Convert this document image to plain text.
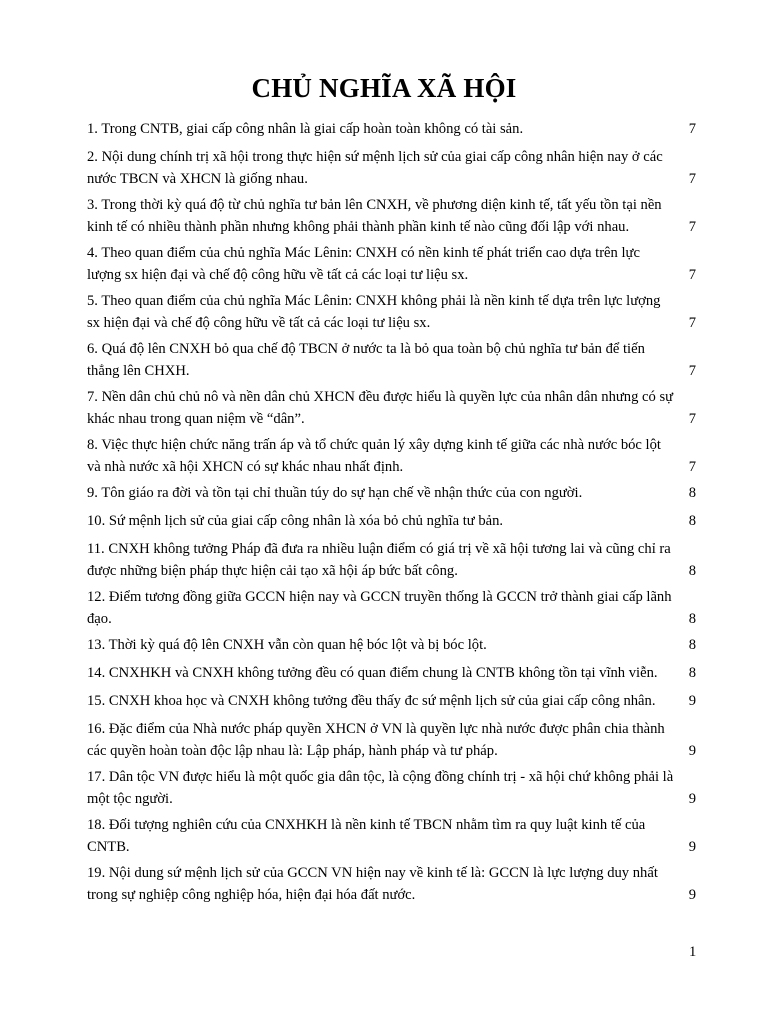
CHỦ NGHĨA XÃ HỘI
1. Trong CNTB, giai cấp công nhân là giai cấp hoàn toàn không có tài sản.	7
2. Nội dung chính trị xã hội trong thực hiện sứ mệnh lịch sử của giai cấp công nhân hiện nay ở các nước TBCN và XHCN là giống nhau.	7
3. Trong thời kỳ quá độ từ chủ nghĩa tư bản lên CNXH, về phương diện kinh tế, tất yếu tồn tại nền kinh tế có nhiều thành phần nhưng không phải thành phần kinh tế nào cũng đối lập với nhau.	7
4. Theo quan điểm của chủ nghĩa Mác Lênin: CNXH có nền kinh tế phát triển cao dựa trên lực lượng sx hiện đại và chế độ công hữu về tất cả các loại tư liệu sx.	7
5. Theo quan điểm của chủ nghĩa Mác Lênin: CNXH không phải là nền kinh tế dựa trên lực lượng sx hiện đại và chế độ công hữu về tất cả các loại tư liệu sx.	7
6. Quá độ lên CNXH bỏ qua chế độ TBCN ở nước ta là bỏ qua toàn bộ chủ nghĩa tư bản để tiến thẳng lên CHXH.	7
7. Nền dân chủ chủ nô và nền dân chủ XHCN đều được hiểu là quyền lực của nhân dân nhưng có sự khác nhau trong quan niệm về “dân”.	7
8. Việc thực hiện chức năng trấn áp và tổ chức quản lý xây dựng kinh tế giữa các nhà nước bóc lột và nhà nước xã hội XHCN có sự khác nhau nhất định.	7
9. Tôn giáo ra đời và tồn tại chỉ thuần túy do sự hạn chế về nhận thức của con người.	8
10. Sứ mệnh lịch sử của giai cấp công nhân là xóa bỏ chủ nghĩa tư bản.	8
11. CNXH không tưởng Pháp đã đưa ra nhiều luận điểm có giá trị về xã hội tương lai và cũng chỉ ra được những biện pháp thực hiện cải tạo xã hội áp bức bất công.	8
12. Điểm tương đồng giữa GCCN hiện nay và GCCN truyền thống là GCCN trở thành giai cấp lãnh đạo.	8
13. Thời kỳ quá độ lên CNXH vẫn còn quan hệ bóc lột và bị bóc lột.	8
14. CNXHKH và CNXH không tưởng đều có quan điểm chung là CNTB không tồn tại vĩnh viễn.	8
15. CNXH khoa học và CNXH không tưởng đều thấy đc sứ mệnh lịch sử của giai cấp công nhân.	9
16. Đặc điểm của Nhà nước pháp quyền XHCN ở VN là quyền lực nhà nước được phân chia thành các quyền hoàn toàn độc lập nhau là: Lập pháp, hành pháp và tư pháp.	9
17. Dân tộc VN được hiểu là một quốc gia dân tộc, là cộng đồng chính trị - xã hội chứ không phải là một tộc người.	9
18. Đối tượng nghiên cứu của CNXHKH là nền kinh tế TBCN nhằm tìm ra quy luật kinh tế của CNTB.	9
19. Nội dung sứ mệnh lịch sử của GCCN VN hiện nay về kinh tế là: GCCN là lực lượng duy nhất trong sự nghiệp công nghiệp hóa, hiện đại hóa đất nước.	9
1
